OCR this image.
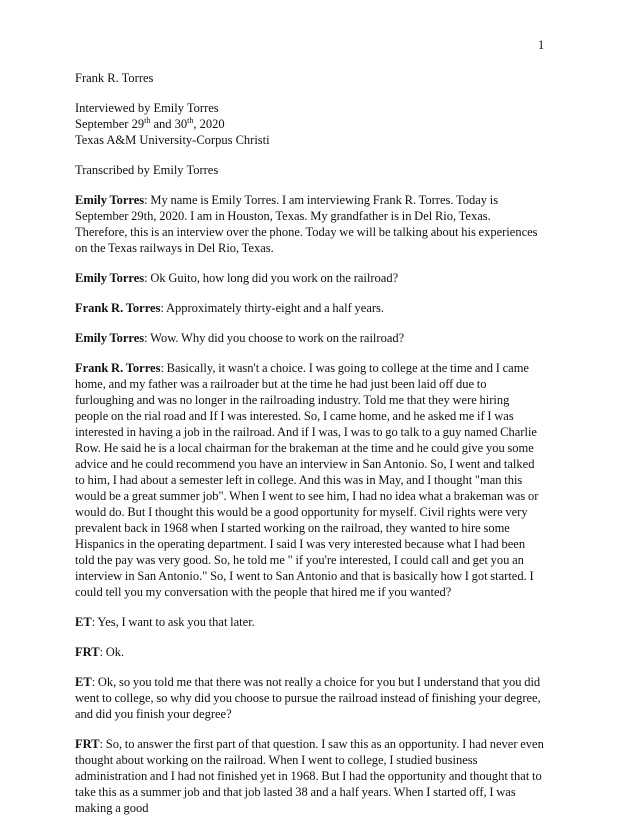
1

Frank R. Torres

Interviewed by Emily Torres
September 29th and 30th, 2020

Texas A&M University-Corpus Christi

Transcribed by Emily Torres

Emily Torres: My name is Emily Torres. I am interviewing Frank R. Torres. Today is September 29th, 2020. I am in Houston, Texas. My grandfather is in Del Rio, Texas. Therefore, this is an interview over the phone. Today we will be talking about his experiences on the Texas railways in Del Rio, Texas.

Emily Torres: Ok Guito, how long did you work on the railroad?

Frank R. Torres: Approximately thirty-eight and a half years.

Emily Torres: Wow. Why did you choose to work on the railroad?

Frank R. Torres: Basically, it wasn't a choice. I was going to college at the time and I came home, and my father was a railroader but at the time he had just been laid off due to furloughing and was no longer in the railroading industry. Told me that they were hiring people on the rial road and If I was interested. So, I came home, and he asked me if I was interested in having a job in the railroad. And if I was, I was to go talk to a guy named Charlie Row. He said he is a local chairman for the brakeman at the time and he could give you some advice and he could recommend you have an interview in San Antonio. So, I went and talked to him, I had about a semester left in college. And this was in May, and I thought "man this would be a great summer job". When I went to see him, I had no idea what a brakeman was or would do. But I thought this would be a good opportunity for myself. Civil rights were very prevalent back in 1968 when I started working on the railroad, they wanted to hire some Hispanics in the operating department. I said I was very interested because what I had been told the pay was very good. So, he told me " if you're interested, I could call and get you an interview in San Antonio." So, I went to San Antonio and that is basically how I got started. I could tell you my conversation with the people that hired me if you wanted?

ET: Yes, I want to ask you that later.

FRT: Ok.

ET: Ok, so you told me that there was not really a choice for you but I understand that you did went to college, so why did you choose to pursue the railroad instead of finishing your degree, and did you finish your degree?

FRT: So, to answer the first part of that question. I saw this as an opportunity. I had never even thought about working on the railroad. When I went to college, I studied business administration and I had not finished yet in 1968. But I had the opportunity and thought that to take this as a summer job and that job lasted 38 and a half years. When I started off, I was making a good
